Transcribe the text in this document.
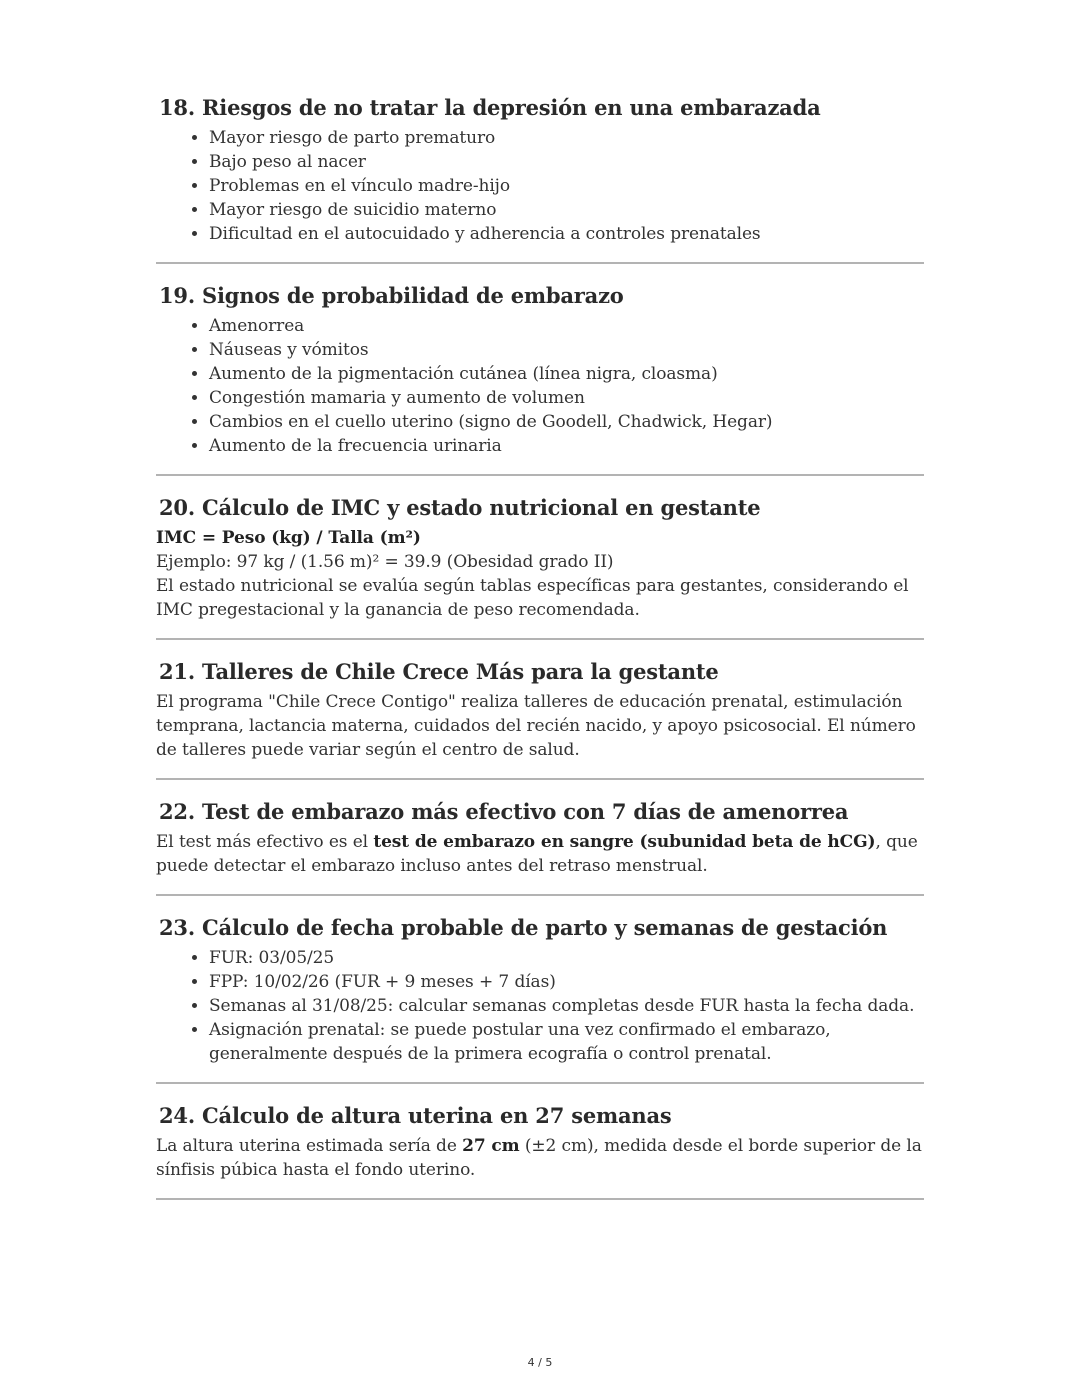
18. Riesgos de no tratar la depresión en una embarazada
• Mayor riesgo de parto prematuro
• Bajo peso al nacer
• Problemas en el vínculo madre-hijo
• Mayor riesgo de suicidio materno
• Dificultad en el autocuidado y adherencia a controles prenatales
19. Signos de probabilidad de embarazo
• Amenorrea
• Náuseas y vómitos
• Aumento de la pigmentación cutánea (línea nigra, cloasma)
• Congestión mamaria y aumento de volumen
• Cambios en el cuello uterino (signo de Goodell, Chadwick, Hegar)
• Aumento de la frecuencia urinaria
20. Cálculo de IMC y estado nutricional en gestante

IMC = Peso (kg) / Talla (m²)

Ejemplo: 97 kg / (1.56 m)² = 39.9 (Obesidad grado II)

El estado nutricional se evalúa según tablas específicas para gestantes, considerando el IMC pregestacional y la ganancia de peso recomendada.

21. Talleres de Chile Crece Más para la gestante

El programa "Chile Crece Contigo" realiza talleres de educación prenatal, estimulación temprana, lactancia materna, cuidados del recién nacido, y apoyo psicosocial. El número de talleres puede variar según el centro de salud.

22. Test de embarazo más efectivo con 7 días de amenorrea

El test más efectivo es el test de embarazo en sangre (subunidad beta de hCG), que puede detectar el embarazo incluso antes del retraso menstrual.

23. Cálculo de fecha probable de parto y semanas de gestación
• FUR: 03/05/25
• FPP: 10/02/26 (FUR + 9 meses + 7 días)
• Semanas al 31/08/25: calcular semanas completas desde FUR hasta la fecha dada.
• Asignación prenatal: se puede postular una vez confirmado el embarazo, generalmente después de la primera ecografía o control prenatal.
24. Cálculo de altura uterina en 27 semanas

La altura uterina estimada sería de 27 cm (±2 cm), medida desde el borde superior de la sínfisis púbica hasta el fondo uterino.

4 / 5
